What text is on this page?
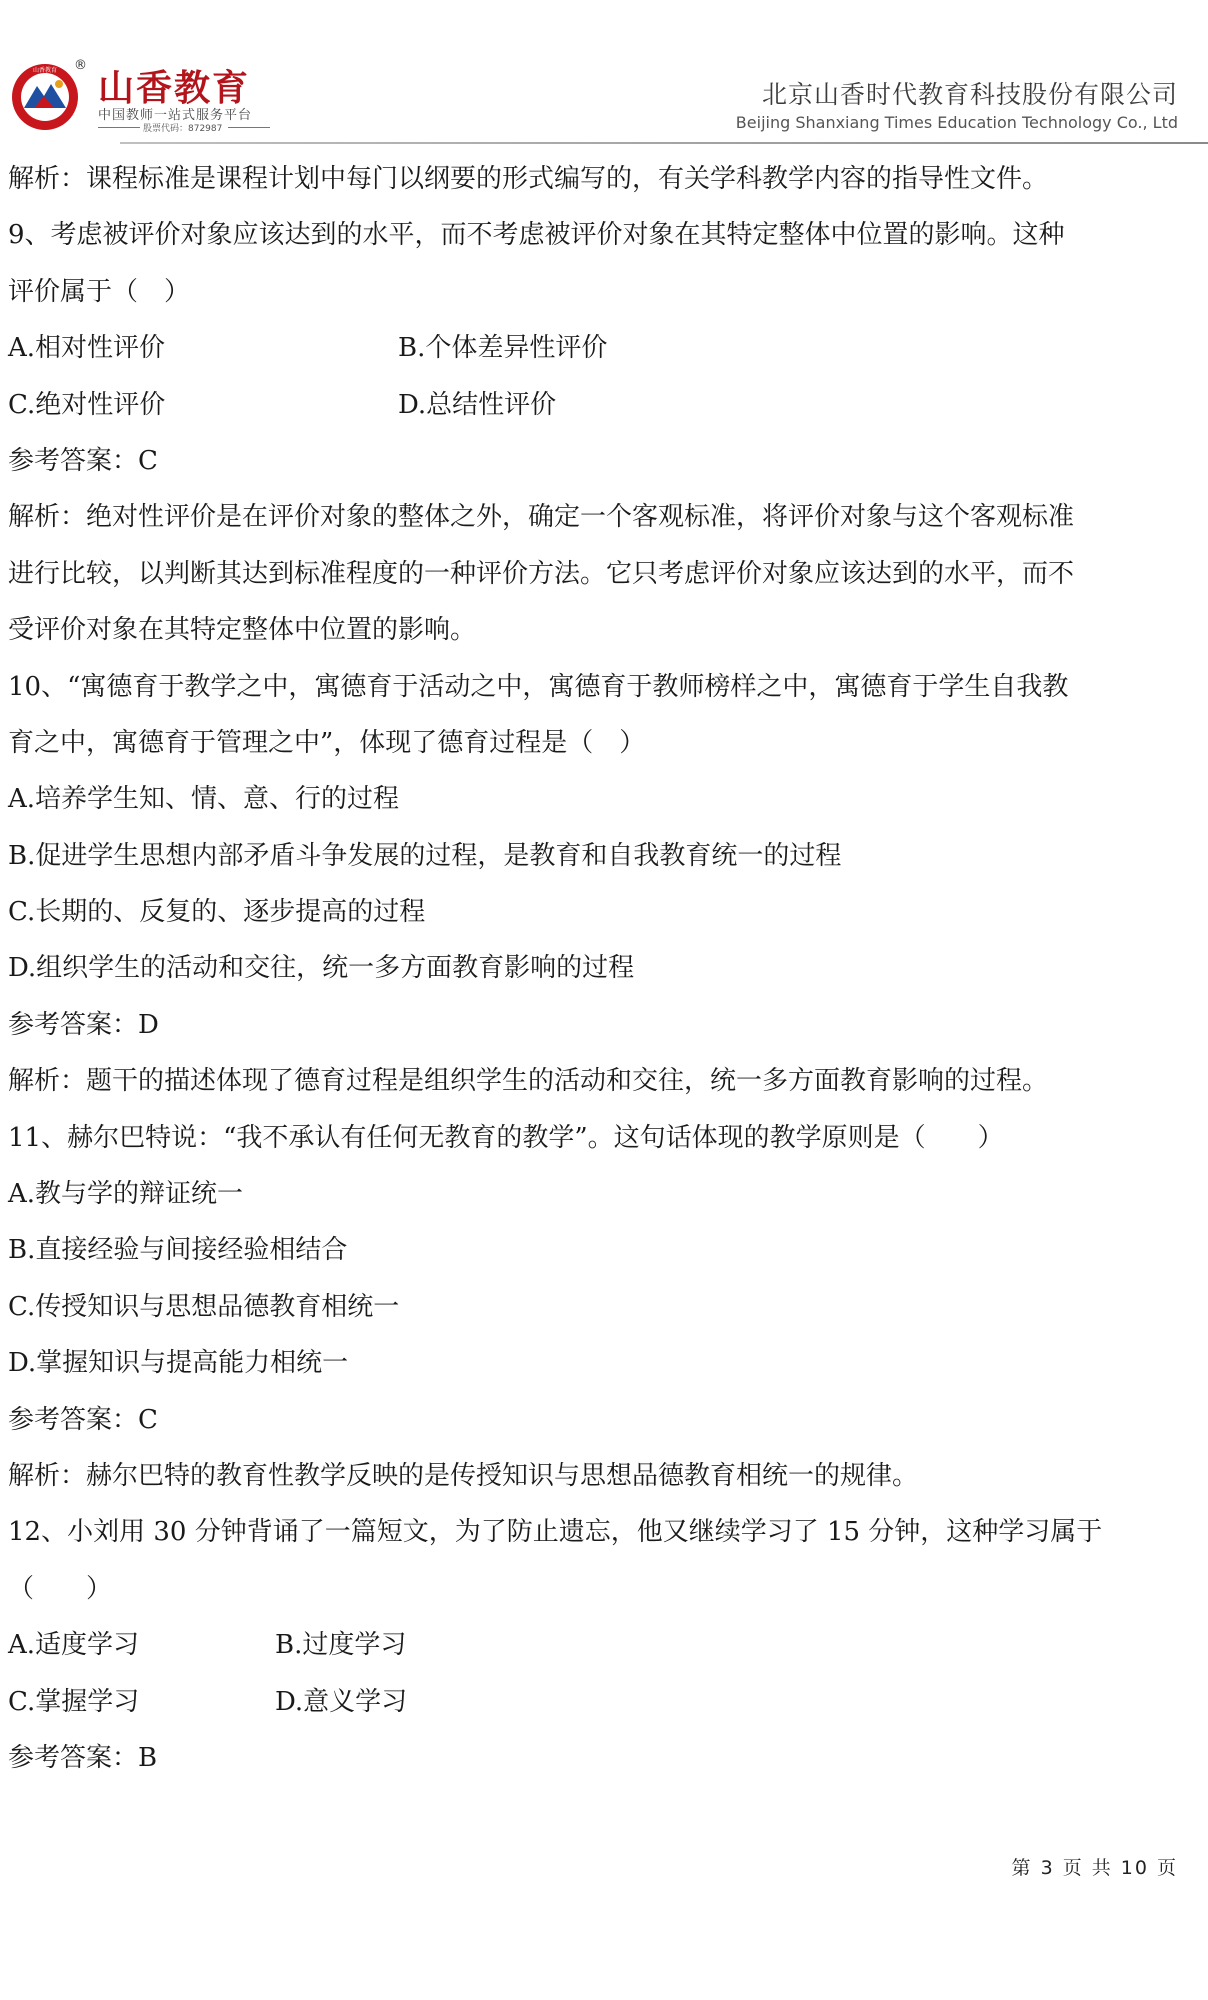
山香教育 ®
山香教育
中国教师一站式服务平台
股票代码：872987
北京山香时代教育科技股份有限公司
Beijing Shanxiang Times Education Technology Co., Ltd

解析：课程标准是课程计划中每门以纲要的形式编写的，有关学科教学内容的指导性文件。

9、考虑被评价对象应该达到的水平，而不考虑被评价对象在其特定整体中位置的影响。这种

评价属于（　）

A.相对性评价	B.个体差异性评价
C.绝对性评价	D.总结性评价

参考答案：C

解析：绝对性评价是在评价对象的整体之外，确定一个客观标准，将评价对象与这个客观标准

进行比较，以判断其达到标准程度的一种评价方法。它只考虑评价对象应该达到的水平，而不

受评价对象在其特定整体中位置的影响。

10、“寓德育于教学之中，寓德育于活动之中，寓德育于教师榜样之中，寓德育于学生自我教

育之中，寓德育于管理之中”，体现了德育过程是（　）

A.培养学生知、情、意、行的过程

B.促进学生思想内部矛盾斗争发展的过程，是教育和自我教育统一的过程

C.长期的、反复的、逐步提高的过程

D.组织学生的活动和交往，统一多方面教育影响的过程

参考答案：D

解析：题干的描述体现了德育过程是组织学生的活动和交往，统一多方面教育影响的过程。

11、赫尔巴特说：“我不承认有任何无教育的教学”。这句话体现的教学原则是（　　）

A.教与学的辩证统一

B.直接经验与间接经验相结合

C.传授知识与思想品德教育相统一

D.掌握知识与提高能力相统一

参考答案：C

解析：赫尔巴特的教育性教学反映的是传授知识与思想品德教育相统一的规律。

12、小刘用 30 分钟背诵了一篇短文，为了防止遗忘，他又继续学习了 15 分钟，这种学习属于

（　　）

A.适度学习	B.过度学习
C.掌握学习	D.意义学习

参考答案：B

第 3 页 共 10 页
